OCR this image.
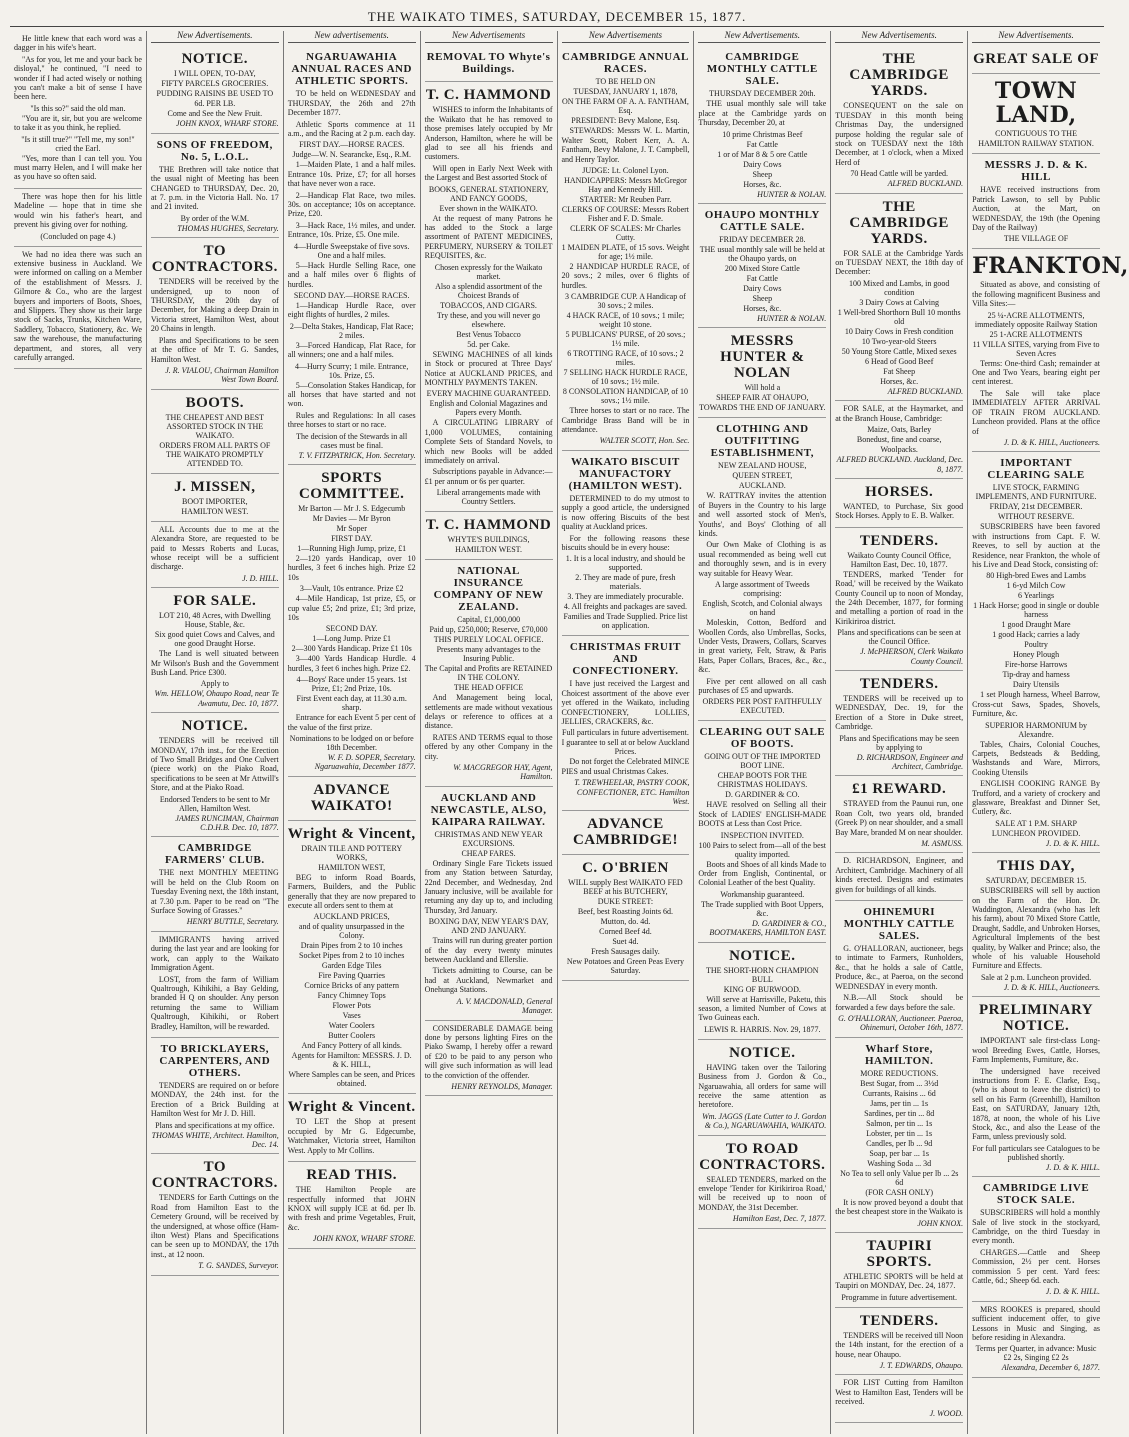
THE WAIKATO TIMES, SATURDAY, DECEMBER 15, 1877.
He little knew that each word was a dagger in his wife's heart.
"As for you, let me and your back be disloyal," he continued, "I need to wonder if I had acted wisely or nothing you can't make a bit of sense I have been here.
"Is this so?" said the old man.
"You are it, sir, but you are welcome to take it as you think, he replied.
"Is it still true?" "Tell me, my son!" cried the Earl.
"Yes, more than I can tell you. You must marry Helen, and I will make her as you have so often said.
There was hope then for his little Madeline — hope that in time she would win his father's heart, and prevent his giving over for nothing.
(Concluded on page 4.)
We had no idea there was such an extensive business in Auckland. We were informed on calling on a Member of the establishment of Messrs. J. Gilmore & Co., who are the largest buyers and importers of Boots, Shoes, and Slippers. They show us their large stock of Sacks, Trunks, Kitchen Ware, Saddlery, Tobacco, Stationery, &c. We saw the warehouse, the manufacturing department, and stores, all very carefully arranged.
New Advertisements.
NOTICE.
I WILL OPEN, TO-DAY,
FIFTY PARCELS GROCERIES.
PUDDING RAISINS BE USED TO
6d. PER LB.
Come and See the New Fruit.
JOHN KNOX, WHARF STORE.
SONS OF FREEDOM, No. 5, L.O.L.
THE Brethren will take notice that the usual night of Meeting has been CHANGED to THURSDAY, Dec. 20, at 7. p.m. in the Victoria Hall. No. 17 and 21 invited.
By order of the W.M.
THOMAS HUGHES, Secretary.
TO CONTRACTORS.
TENDERS will be received by the undersigned, up to noon of THURSDAY, the 20th day of December, for Making a deep Drain in Victoria street, Hamilton West, about 20 Chains in length.
Plans and Specifications to be seen at the office of Mr T. G. Sandes, Hamilton West.
J. R. VIALOU, Chairman Hamilton West Town Board.
BOOTS.
THE CHEAPEST AND BEST ASSORTED STOCK IN THE WAIKATO.
ORDERS FROM ALL PARTS OF THE WAIKATO PROMPTLY ATTENDED TO.
J. MISSEN,
BOOT IMPORTER,
HAMILTON WEST.
ALL Accounts due to me at the Alexandra Store, are requested to be paid to Messrs Roberts and Lucas, whose receipt will be a sufficient discharge.
J. D. HILL.
FOR SALE.
LOT 210, 48 Acres, with Dwelling House, Stable, &c.
Six good quiet Cows and Calves, and one good Draught Horse.
The Land is well situated between Mr Wilson's Bush and the Government Bush Land. Price £300.
Apply to
Wm. HELLOW, Ohaupo Road, near Te Awamutu, Dec. 10, 1877.
NOTICE.
TENDERS will be received till MONDAY, 17th inst., for the Erection of Two Small Bridges and One Culvert (piece work) on the Piako Road, specifications to be seen at Mr Attwill's Store, and at the Piako Road.
Endorsed Tenders to be sent to Mr Allen, Hamilton West.
JAMES RUNCIMAN, Chairman C.D.H.B. Dec. 10, 1877.
CAMBRIDGE FARMERS' CLUB.
THE next MONTHLY MEETING will be held on the Club Room on Tuesday Evening next, the 18th instant, at 7.30 p.m. Paper to be read on "The Surface Sowing of Grasses."
HENRY BUTTLE, Secretary.
IMMIGRANTS having arrived during the last year and are looking for work, can apply to the Waikato Immigration Agent.
LOST, from the farm of William Qualtrough, Kihikihi, a Bay Gelding, branded H Q on shoulder. Any person returning the same to William Qualtrough, Kihikihi, or Robert Bradley, Hamilton, will be rewarded.
TO BRICKLAYERS, CARPENTERS, AND OTHERS.
TENDERS are required on or before MONDAY, the 24th inst. for the Erection of a Brick Building at Hamilton West for Mr J. D. Hill.
Plans and specifications at my office.
THOMAS WHITE, Architect. Hamilton, Dec. 14.
TO CONTRACTORS.
TENDERS for Earth Cuttings on the Road from Hamilton East to the Cemetery Ground, will be received by the undersigned, at whose office (Ham-ilton West) Plans and Specifications can be seen up to MONDAY, the 17th inst., at 12 noon.
T. G. SANDES, Surveyor.
New advertisements.
NGARUAWAHIA ANNUAL RACES AND ATHLETIC SPORTS.
TO be held on WEDNESDAY and THURSDAY, the 26th and 27th December 1877.
Athletic Sports commence at 11 a.m., and the Racing at 2 p.m. each day.
FIRST DAY.—HORSE RACES.
Judge—W. N. Searancke, Esq., R.M.
1—Maiden Plate, 1 and a half miles. Entrance 10s. Prize, £7; for all horses that have never won a race.
2—Handicap Flat Race, two miles. 30s. on acceptance; 10s on acceptance. Prize, £20.
3—Hack Race, 1½ miles, and under. Entrance, 10s. Prize, £5. One mile.
4—Hurdle Sweepstake of five sovs. One and a half miles.
5—Hack Hurdle Selling Race, one and a half miles over 6 flights of hurdles.
SECOND DAY.—HORSE RACES.
1—Handicap Hurdle Race, over eight flights of hurdles, 2 miles.
2—Delta Stakes, Handicap, Flat Race; 2 miles.
3—Forced Handicap, Flat Race, for all winners; one and a half miles.
4—Hurry Scurry; 1 mile. Entrance, 10s. Prize, £5.
5—Consolation Stakes Handicap, for all horses that have started and not won.
Rules and Regulations: In all cases three horses to start or no race.
The decision of the Stewards in all cases must be final.
T. V. FITZPATRICK, Hon. Secretary.
SPORTS COMMITTEE.
Mr Barton — Mr J. S. Edgecumb
Mr Davies — Mr Byron
Mr Soper
FIRST DAY.
1—Running High Jump, prize, £1
2—120 yards Handicap, over 10 hurdles, 3 feet 6 inches high. Prize £2 10s
3—Vault, 10s entrance. Prize £2
4—Mile Handicap, 1st prize, £5, or cup value £5; 2nd prize, £1; 3rd prize, 10s
SECOND DAY.
1—Long Jump. Prize £1
2—300 Yards Handicap. Prize £1 10s
3—400 Yards Handicap Hurdle. 4 hurdles, 3 feet 6 inches high. Prize £2.
4—Boys' Race under 15 years. 1st Prize, £1; 2nd Prize, 10s.
First Event each day, at 11.30 a.m. sharp.
Entrance for each Event 5 per cent of the value of the first prize.
Nominations to be lodged on or before 18th December.
W. F. D. SOPER, Secretary. Ngaruawahia, December 1877.
ADVANCE WAIKATO!
Wright & Vincent,
DRAIN TILE AND POTTERY WORKS,
HAMILTON WEST,
BEG to inform Road Boards, Farmers, Builders, and the Public generally that they are now prepared to execute all orders sent to them at
AUCKLAND PRICES,
and of quality unsurpassed in the Colony.
Drain Pipes from 2 to 10 inches
Socket Pipes from 2 to 10 inches
Garden Edge Tiles
Fire Paving Quarries
Cornice Bricks of any pattern
Fancy Chimney Tops
Flower Pots
Vases
Water Coolers
Butter Coolers
And Fancy Pottery of all kinds.
Agents for Hamilton: MESSRS. J. D. & K. HILL,
Where Samples can be seen, and Prices obtained.
Wright & Vincent.
TO LET the Shop at present occupied by Mr G. Edgecumbe, Watchmaker, Victoria street, Hamilton West. Apply to Mr Collins.
READ THIS.
THE Hamilton People are respectfully informed that JOHN KNOX will supply ICE at 6d. per lb. with fresh and prime Vegetables, Fruit, &c.
JOHN KNOX, WHARF STORE.
New Advertisements
REMOVAL TO Whyte's Buildings.
T. C. HAMMOND
WISHES to inform the Inhabitants of the Waikato that he has removed to those premises lately occupied by Mr Anderson, Hamilton, where he will be glad to see all his friends and customers.
Will open in Early Next Week with the Largest and Best assorted Stock of
BOOKS, GENERAL STATIONERY, AND FANCY GOODS,
Ever shown in the WAIKATO.
At the request of many Patrons he has added to the Stock a large assortment of PATENT MEDICINES, PERFUMERY, NURSERY & TOILET REQUISITES, &c.
Chosen expressly for the Waikato market.
Also a splendid assortment of the Choicest Brands of
TOBACCOS, AND CIGARS.
Try these, and you will never go elsewhere.
Best Venus Tobacco
5d. per Cake.
SEWING MACHINES of all kinds in Stock or procured at Three Days' Notice at AUCKLAND PRICES, and MONTHLY PAYMENTS TAKEN.
EVERY MACHINE GUARANTEED.
English and Colonial Magazines and Papers every Month.
A CIRCULATING LIBRARY of 1,000 VOLUMES, containing Complete Sets of Standard Novels, to which new Books will be added immediately on arrival.
Subscriptions payable in Advance:—£1 per annum or 6s per quarter.
Liberal arrangements made with Country Settlers.
T. C. HAMMOND
WHYTE'S BUILDINGS,
HAMILTON WEST.
NATIONAL INSURANCE COMPANY OF NEW ZEALAND.
Capital, £1,000,000
Paid up, £250,000; Reserve, £70,000
THIS PURELY LOCAL OFFICE.
Presents many advantages to the Insuring Public.
The Capital and Profits are RETAINED IN THE COLONY.
THE HEAD OFFICE
And Management being local, settlements are made without vexatious delays or reference to offices at a distance.
RATES AND TERMS equal to those offered by any other Company in the city.
W. MACGREGOR HAY, Agent, Hamilton.
AUCKLAND AND NEWCASTLE, ALSO, KAIPARA RAILWAY.
CHRISTMAS AND NEW YEAR EXCURSIONS.
CHEAP FARES.
Ordinary Single Fare Tickets issued from any Station between Saturday, 22nd December, and Wednesday, 2nd January inclusive, will be available for returning any day up to, and including Thursday, 3rd January.
BOXING DAY, NEW YEAR'S DAY, AND 2ND JANUARY.
Trains will run during greater portion of the day every twenty minutes between Auckland and Ellerslie.
Tickets admitting to Course, can be had at Auckland, Newmarket and Onehunga Stations.
A. V. MACDONALD, General Manager.
CONSIDERABLE DAMAGE being done by persons lighting Fires on the Piako Swamp, I hereby offer a reward of £20 to be paid to any person who will give such information as will lead to the conviction of the offender.
HENRY REYNOLDS, Manager.
New Advertisements
CAMBRIDGE ANNUAL RACES.
TO BE HELD ON
TUESDAY, JANUARY 1, 1878,
ON THE FARM OF A. A. FANTHAM, Esq.
PRESIDENT: Bevy Malone, Esq.
STEWARDS: Messrs W. L. Martin, Walter Scott, Robert Kerr, A. A. Fantham, Bevy Malone, J. T. Campbell, and Henry Taylor.
JUDGE: Lt. Colonel Lyon.
HANDICAPPERS: Messrs McGregor Hay and Kennedy Hill.
STARTER: Mr Reuben Parr.
CLERKS OF COURSE: Messrs Robert Fisher and F. D. Smale.
CLERK OF SCALES: Mr Charles Cutty.
1 MAIDEN PLATE, of 15 sovs. Weight for age; 1½ mile.
2 HANDICAP HURDLE RACE, of 20 sovs.; 2 miles, over 6 flights of hurdles.
3 CAMBRIDGE CUP. A Handicap of 30 sovs.; 2 miles.
4 HACK RACE, of 10 sovs.; 1 mile; weight 10 stone.
5 PUBLICANS' PURSE, of 20 sovs.; 1½ mile.
6 TROTTING RACE, of 10 sovs.; 2 miles.
7 SELLING HACK HURDLE RACE, of 10 sovs.; 1½ mile.
8 CONSOLATION HANDICAP, of 10 sovs.; 1½ mile.
Three horses to start or no race. The Cambridge Brass Band will be in attendance.
WALTER SCOTT, Hon. Sec.
WAIKATO BISCUIT MANUFACTORY (HAMILTON WEST).
DETERMINED to do my utmost to supply a good article, the undersigned is now offering Biscuits of the best quality at Auckland prices.
For the following reasons these biscuits should be in every house:
1. It is a local industry, and should be supported.
2. They are made of pure, fresh materials.
3. They are immediately procurable.
4. All freights and packages are saved.
Families and Trade Supplied. Price list on application.
CHRISTMAS FRUIT AND CONFECTIONERY.
I have just received the Largest and Choicest assortment of the above ever yet offered in the Waikato, including CONFECTIONERY, LOLLIES, JELLIES, CRACKERS, &c.
Full particulars in future advertisement.
I guarantee to sell at or below Auckland Prices.
Do not forget the Celebrated MINCE PIES and usual Christmas Cakes.
T. TREWHEELAR, PASTRY COOK, CONFECTIONER, ETC. Hamilton West.
ADVANCE CAMBRIDGE!
C. O'BRIEN
WILL supply Best WAIKATO FED BEEF at his BUTCHERY,
DUKE STREET:
Beef, best Roasting Joints 6d.
Mutton, do. 4d.
Corned Beef 4d.
Suet 4d.
Fresh Sausages daily.
New Potatoes and Green Peas Every Saturday.
New Advertisements.
CAMBRIDGE MONTHLY CATTLE SALE.
THURSDAY DECEMBER 20th.
THE usual monthly sale will take place at the Cambridge yards on Thursday, December 20, at
10 prime Christmas Beef
Fat Cattle
1 or of Mar 8 & 5 ore Cattle
Dairy Cows
Sheep
Horses, &c.
HUNTER & NOLAN.
OHAUPO MONTHLY CATTLE SALE.
FRIDAY DECEMBER 28.
THE usual monthly sale will be held at the Ohaupo yards, on
200 Mixed Store Cattle
Fat Cattle
Dairy Cows
Sheep
Horses, &c.
HUNTER & NOLAN.
MESSRS HUNTER & NOLAN
Will hold a
SHEEP FAIR AT OHAUPO,
TOWARDS THE END OF JANUARY.
CLOTHING AND OUTFITTING ESTABLISHMENT,
NEW ZEALAND HOUSE,
QUEEN STREET,
AUCKLAND.
W. RATTRAY invites the attention of Buyers in the Country to his large and well assorted stock of Men's, Youths', and Boys' Clothing of all kinds.
Our Own Make of Clothing is as usual recommended as being well cut and thoroughly sewn, and is in every way suitable for Heavy Wear.
A large assortment of Tweeds comprising:
English, Scotch, and Colonial always on hand
Moleskin, Cotton, Bedford and Woollen Cords, also Umbrellas, Socks, Under Vests, Drawers, Collars, Scarves in great variety, Felt, Straw, & Paris Hats, Paper Collars, Braces, &c., &c., &c.
Five per cent allowed on all cash purchases of £5 and upwards.
ORDERS PER POST FAITHFULLY EXECUTED.
CLEARING OUT SALE OF BOOTS.
GOING OUT OF THE IMPORTED BOOT LINE.
CHEAP BOOTS FOR THE CHRISTMAS HOLIDAYS.
D. GARDINER & CO.
HAVE resolved on Selling all their Stock of LADIES' ENGLISH-MADE BOOTS at Less than Cost Price.
INSPECTION INVITED.
100 Pairs to select from—all of the best quality imported.
Boots and Shoes of all kinds Made to Order from English, Continental, or Colonial Leather of the best Quality.
Workmanship guaranteed.
The Trade supplied with Boot Uppers, &c.
D. GARDINER & CO., BOOTMAKERS, HAMILTON EAST.
NOTICE.
THE SHORT-HORN CHAMPION BULL
KING OF BURWOOD.
Will serve at Harrisville, Paketu, this season, a limited Number of Cows at Two Guineas each.
LEWIS R. HARRIS. Nov. 29, 1877.
NOTICE.
HAVING taken over the Tailoring Business from J. Gordon & Co., Ngaruawahia, all orders for same will receive the same attention as heretofore.
Wm. JAGGS (Late Cutter to J. Gordon & Co.), NGARUAWAHIA, WAIKATO.
TO ROAD CONTRACTORS.
SEALED TENDERS, marked on the envelope 'Tender for Kirikiriroa Road,' will be received up to noon of MONDAY, the 31st December.
Hamilton East, Dec. 7, 1877.
New Advertisements.
THE CAMBRIDGE YARDS.
CONSEQUENT on the sale on TUESDAY in this month being Christmas Day, the undersigned purpose holding the regular sale of stock on TUESDAY next the 18th December, at 1 o'clock, when a Mixed Herd of
70 Head Cattle will be yarded.
ALFRED BUCKLAND.
THE CAMBRIDGE YARDS.
FOR SALE at the Cambridge Yards on TUESDAY NEXT, the 18th day of December:
100 Mixed and Lambs, in good condition
3 Dairy Cows at Calving
1 Well-bred Shorthorn Bull 10 months old
10 Dairy Cows in Fresh condition
10 Two-year-old Steers
50 Young Store Cattle, Mixed sexes
6 Head of Good Beef
Fat Sheep
Horses, &c.
ALFRED BUCKLAND.
FOR SALE, at the Haymarket, and at the Branch House, Cambridge:
Maize, Oats, Barley
Bonedust, fine and coarse,
Woolpacks.
ALFRED BUCKLAND. Auckland, Dec. 8, 1877.
HORSES.
WANTED, to Purchase, Six good Stock Horses. Apply to E. B. Walker.
TENDERS.
Waikato County Council Office, Hamilton East, Dec. 10, 1877.
TENDERS, marked 'Tender for Road,' will be received by the Waikato County Council up to noon of Monday, the 24th December, 1877, for forming and metalling a portion of road in the Kirikiriroa district.
Plans and specifications can be seen at the Council Office.
J. McPHERSON, Clerk Waikato County Council.
TENDERS.
TENDERS will be received up to WEDNESDAY, Dec. 19, for the Erection of a Store in Duke street, Cambridge.
Plans and Specifications may be seen by applying to
D. RICHARDSON, Engineer and Architect, Cambridge.
£1 REWARD.
STRAYED from the Paunui run, one Roan Colt, two years old, branded (Greek P) on near shoulder, and a small Bay Mare, branded M on near shoulder.
M. ASMUSS.
D. RICHARDSON, Engineer, and Architect, Cambridge. Machinery of all kinds erected. Designs and estimates given for buildings of all kinds.
OHINEMURI MONTHLY CATTLE SALES.
G. O'HALLORAN, auctioneer, begs to intimate to Farmers, Runholders, &c., that he holds a sale of Cattle, Produce, &c., at Paeroa, on the second WEDNESDAY in every month.
N.B.—All Stock should be forwarded a few days before the sale.
G. O'HALLORAN, Auctioneer. Paeroa, Ohinemuri, October 16th, 1877.
Wharf Store, HAMILTON.
MORE REDUCTIONS.
Best Sugar, from ... 3½d
Currants, Raisins ... 6d
Jams, per tin ... 1s
Sardines, per tin ... 8d
Salmon, per tin ... 1s
Lobster, per tin ... 1s
Candles, per lb ... 9d
Soap, per bar ... 1s
Washing Soda ... 3d
No Tea to sell only Value per lb ... 2s 6d
(FOR CASH ONLY)
It is now proved beyond a doubt that the best cheapest store in the Waikato is
JOHN KNOX.
TAUPIRI SPORTS.
ATHLETIC SPORTS will be held at Taupiri on MONDAY, Dec. 24, 1877.
Programme in future advertisement.
TENDERS.
TENDERS will be received till Noon the 14th instant, for the erection of a house, near Ohaupo.
J. T. EDWARDS, Ohaupo.
FOR LIST Cutting from Hamilton West to Hamilton East, Tenders will be received.
J. WOOD.
New Advertisements.
GREAT SALE OF
TOWN LAND,
CONTIGUOUS TO THE
HAMILTON RAILWAY STATION.
MESSRS J. D. & K. HILL
HAVE received instructions from Patrick Lawson, to sell by Public Auction, at the Mart, on WEDNESDAY, the 19th (the Opening Day of the Railway)
THE VILLAGE OF
FRANKTON,
Situated as above, and consisting of the following magnificent Business and Villa Sites:—
25 ¼-ACRE ALLOTMENTS, immediately opposite Railway Station
25 1-ACRE ALLOTMENTS
11 VILLA SITES, varying from Five to Seven Acres
Terms: One-third Cash; remainder at One and Two Years, bearing eight per cent interest.
The Sale will take place IMMEDIATELY AFTER ARRIVAL OF TRAIN FROM AUCKLAND. Luncheon provided. Plans at the office of
J. D. & K. HILL, Auctioneers.
IMPORTANT CLEARING SALE
LIVE STOCK, FARMING IMPLEMENTS, AND FURNITURE.
FRIDAY, 21st DECEMBER.
WITHOUT RESERVE.
SUBSCRIBERS have been favored with instructions from Capt. F. W. Reeves, to sell by auction at the Residence, near Frankton, the whole of his Live and Dead Stock, consisting of:
80 High-bred Ewes and Lambs
1 6-yd Milch Cow
6 Yearlings
1 Hack Horse; good in single or double harness
1 good Draught Mare
1 good Hack; carries a lady
Poultry
Honey Plough
Fire-horse Harrows
Tip-dray and harness
Dairy Utensils
1 set Plough harness, Wheel Barrow, Cross-cut Saws, Spades, Shovels, Furniture, &c.
SUPERIOR HARMONIUM by Alexandre.
Tables, Chairs, Colonial Couches, Carpets, Bedsteads & Bedding, Washstands and Ware, Mirrors, Cooking Utensils
ENGLISH COOKING RANGE By Trufford, and a variety of crockery and glassware, Breakfast and Dinner Set, Cutlery, &c.
SALE AT 1 P.M. SHARP
LUNCHEON PROVIDED.
J. D. & K. HILL.
THIS DAY,
SATURDAY, DECEMBER 15.
SUBSCRIBERS will sell by auction on the Farm of the Hon. Dr. Waddington, Alexandra (who has left his farm), about 70 Mixed Store Cattle, Draught, Saddle, and Unbroken Horses, Agricultural Implements of the best quality, by Walker and Prince; also, the whole of his valuable Household Furniture and Effects.
Sale at 2 p.m. Luncheon provided.
J. D. & K. HILL, Auctioneers.
PRELIMINARY NOTICE.
IMPORTANT sale first-class Long-wool Breeding Ewes, Cattle, Horses, Farm Implements, Furniture, &c.
The undersigned have received instructions from F. E. Clarke, Esq., (who is about to leave the district) to sell on his Farm (Greenhill), Hamilton East, on SATURDAY, January 12th, 1878, at noon, the whole of his Live Stock, &c., and also the Lease of the Farm, unless previously sold.
For full particulars see Catalogues to be published shortly.
J. D. & K. HILL.
CAMBRIDGE LIVE STOCK SALE.
SUBSCRIBERS will hold a monthly Sale of live stock in the stockyard, Cambridge, on the third Tuesday in every month.
CHARGES.—Cattle and Sheep Commission, 2½ per cent. Horses commission 5 per cent. Yard fees: Cattle, 6d.; Sheep 6d. each.
J. D. & K. HILL.
MRS ROOKES is prepared, should sufficient inducement offer, to give Lessons in Music and Singing, as before residing in Alexandra.
Terms per Quarter, in advance: Music £2 2s, Singing £2 2s
Alexandra, December 6, 1877.
